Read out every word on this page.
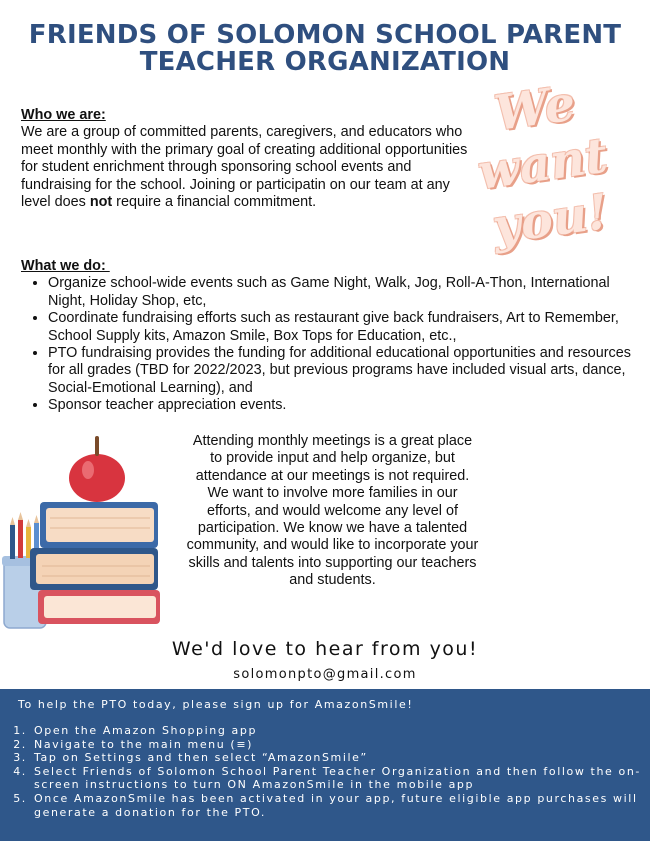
FRIENDS OF SOLOMON SCHOOL PARENT
TEACHER ORGANIZATION
We
want
you!
Who we are:
We are a group of committed parents, caregivers, and educators who meet monthly with the primary goal of creating additional opportunities for student enrichment through sponsoring school events and fundraising for the school. Joining or participatin on our team at any level does not require a financial commitment.
What we do:
• Organize school-wide events such as Game Night, Walk, Jog, Roll-A-Thon, International Night, Holiday Shop, etc,
• Coordinate fundraising efforts such as restaurant give back fundraisers, Art to Remember, School Supply kits, Amazon Smile, Box Tops for Education, etc.,
• PTO fundraising provides the funding for additional educational opportunities and resources for all grades (TBD for 2022/2023, but previous programs have included visual arts, dance, Social-Emotional Learning), and
• Sponsor teacher appreciation events.
Attending monthly meetings is a great place to provide input and help organize, but attendance at our meetings is not required. We want to involve more families in our efforts, and would welcome any level of participation. We know we have a talented community, and would like to incorporate your skills and talents into supporting our teachers and students.
We'd love to hear from you!
solomonpto@gmail.com
To help the PTO today, please sign up for AmazonSmile!
1. Open the Amazon Shopping app
2. Navigate to the main menu (≡)
3. Tap on Settings and then select “AmazonSmile”
4. Select Friends of Solomon School Parent Teacher Organization and then follow the on-screen instructions to turn ON AmazonSmile in the mobile app
5. Once AmazonSmile has been activated in your app, future eligible app purchases will generate a donation for the PTO.
